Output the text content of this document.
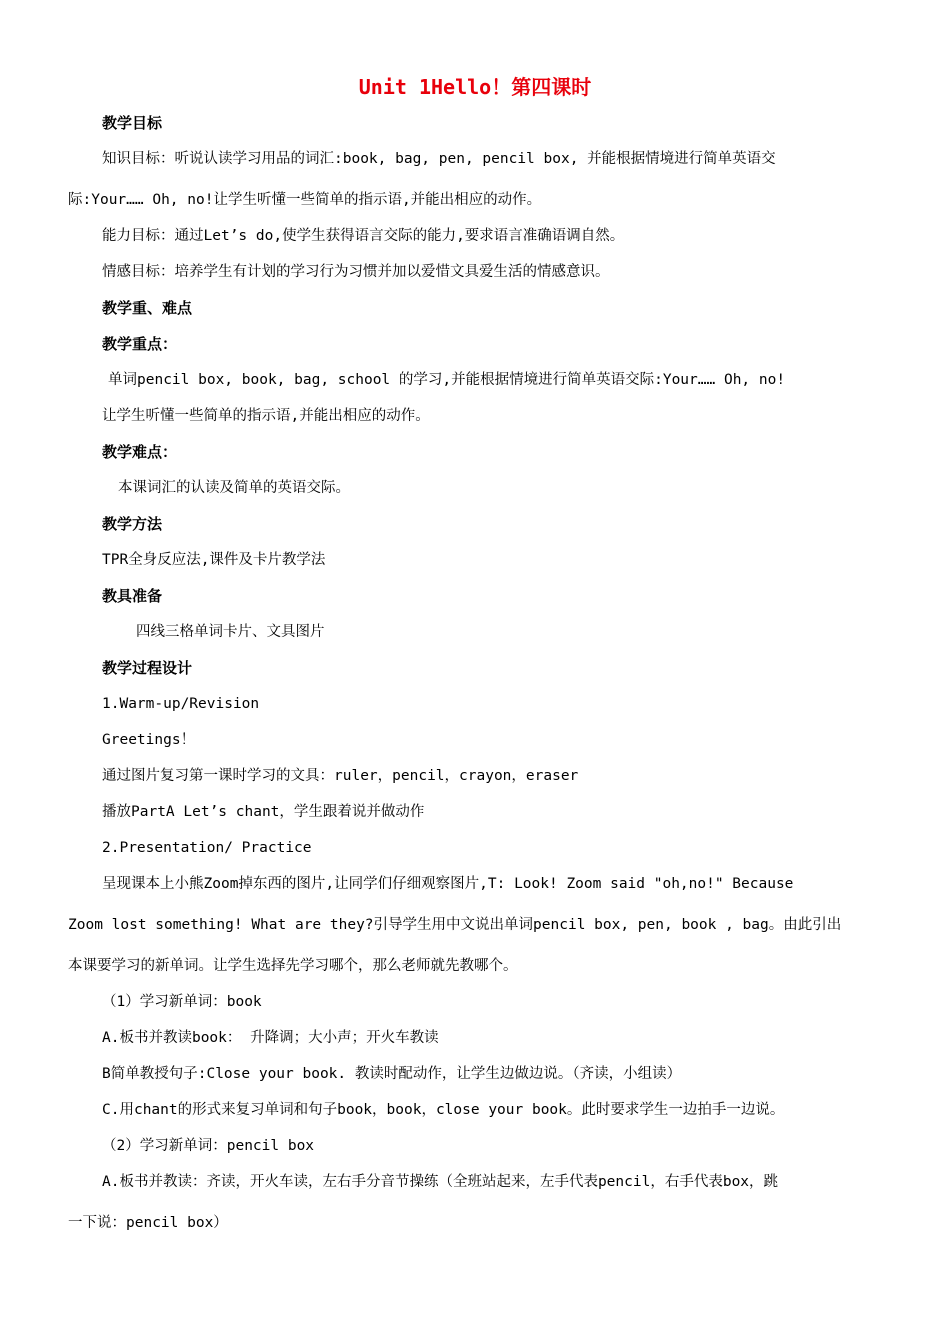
Unit 1Hello！第四课时
教学目标
知识目标：听说认读学习用品的词汇:book, bag, pen, pencil box, 并能根据情境进行简单英语交
际:Your…… Oh, no!让学生听懂一些简单的指示语,并能出相应的动作。
能力目标：通过Let’s do,使学生获得语言交际的能力,要求语言准确语调自然。
情感目标：培养学生有计划的学习行为习惯并加以爱惜文具爱生活的情感意识。
教学重、难点
教学重点：
单词pencil box, book, bag, school 的学习,并能根据情境进行简单英语交际:Your…… Oh, no!
让学生听懂一些简单的指示语,并能出相应的动作。
教学难点：
本课词汇的认读及简单的英语交际。
教学方法
TPR全身反应法,课件及卡片教学法
教具准备
四线三格单词卡片、文具图片
教学过程设计
1.Warm-up/Revision
Greetings！
通过图片复习第一课时学习的文具：ruler，pencil，crayon，eraser
播放PartA Let’s chant，学生跟着说并做动作
2.Presentation/ Practice
呈现课本上小熊Zoom掉东西的图片,让同学们仔细观察图片,T: Look! Zoom said "oh,no!" Because
Zoom lost something! What are they?引导学生用中文说出单词pencil box, pen, book , bag。由此引出
本课要学习的新单词。让学生选择先学习哪个，那么老师就先教哪个。
（1）学习新单词：book
A.板书并教读book： 升降调；大小声；开火车教读
B简单教授句子:Close your book. 教读时配动作，让学生边做边说。（齐读，小组读）
C.用chant的形式来复习单词和句子book，book，close your book。此时要求学生一边拍手一边说。
（2）学习新单词：pencil box
A.板书并教读：齐读，开火车读，左右手分音节操练（全班站起来，左手代表pencil，右手代表box，跳
一下说：pencil box）
